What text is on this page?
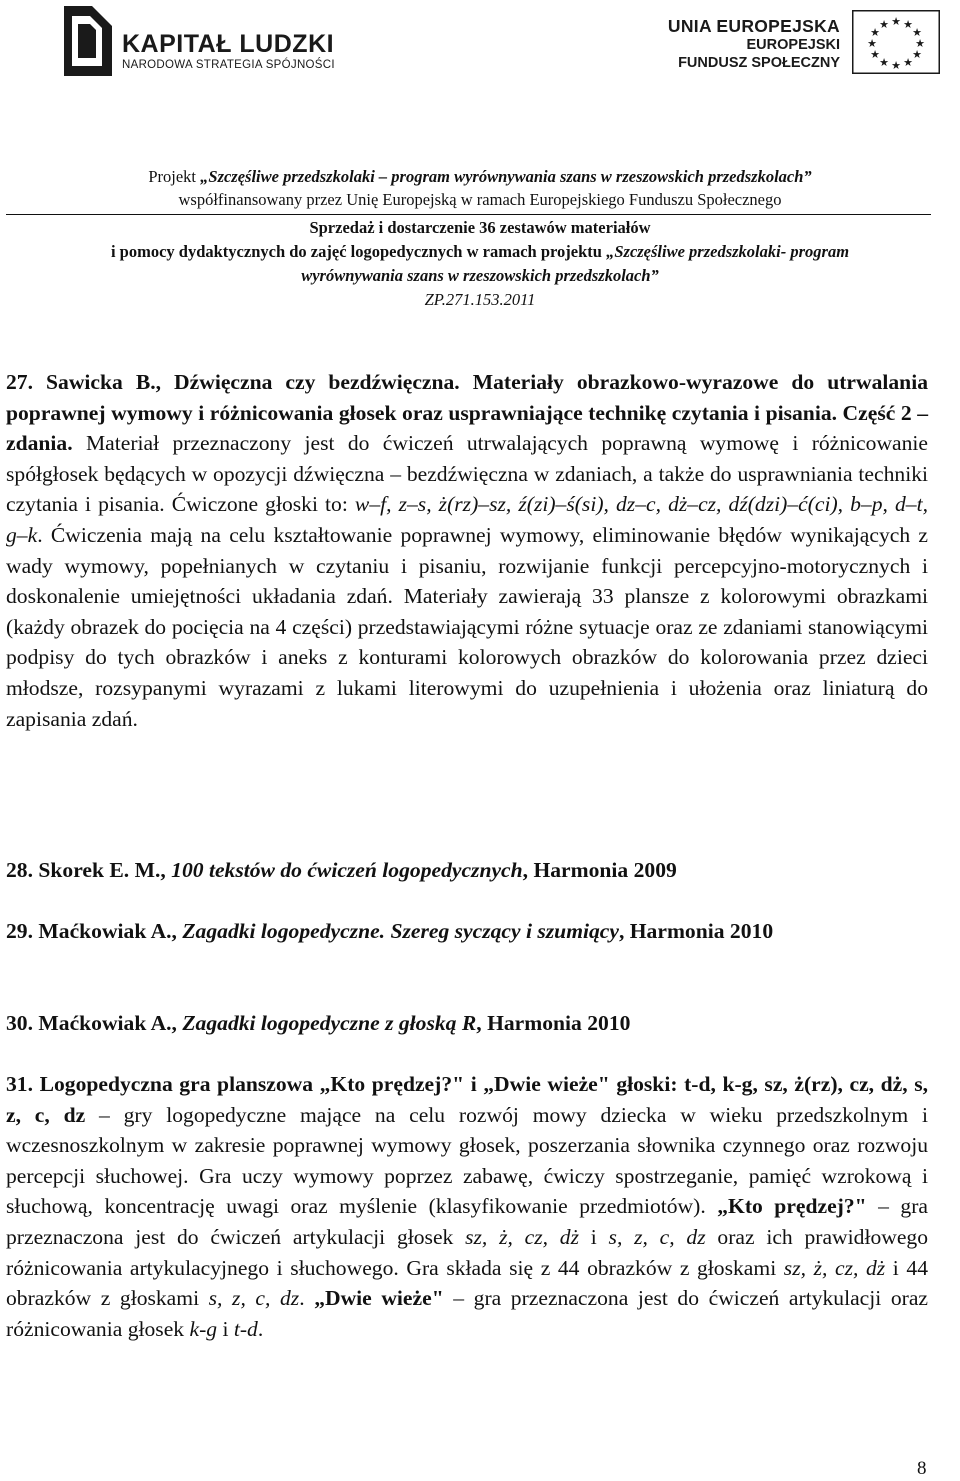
KAPITAŁ LUDZKI
NARODOWA STRATEGIA SPÓJNOŚCI
UNIA EUROPEJSKA
EUROPEJSKI
FUNDUSZ SPOŁECZNY
★ ★
★
★
★
★
★
★
★
★
★
★
Projekt „Szczęśliwe przedszkolaki – program wyrównywania szans w rzeszowskich przedszkolach”
współfinansowany przez Unię Europejską w ramach Europejskiego Funduszu Społecznego
Sprzedaż i dostarczenie 36 zestawów materiałów
i pomocy dydaktycznych do zajęć logopedycznych w ramach projektu „Szczęśliwe przedszkolaki- program
wyrównywania szans w rzeszowskich przedszkolach”
ZP.271.153.2011

27. Sawicka B., Dźwięczna czy bezdźwięczna. Materiały obrazkowo-wyrazowe do utrwalania poprawnej wymowy i różnicowania głosek oraz usprawniające technikę czytania i pisania. Część 2 – zdania. Materiał przeznaczony jest do ćwiczeń utrwalających poprawną wymowę i różnicowanie spółgłosek będących w opozycji dźwięczna – bezdźwięczna w zdaniach, a także do usprawniania techniki czytania i pisania. Ćwiczone głoski to: w–f, z–s, ż(rz)–sz, ź(zi)–ś(si), dz–c, dż–cz, dź(dzi)–ć(ci), b–p, d–t, g–k. Ćwiczenia mają na celu kształtowanie poprawnej wymowy, eliminowanie błędów wynikających z wady wymowy, popełnianych w czytaniu i pisaniu, rozwijanie funkcji percepcyjno-motorycznych i doskonalenie umiejętności układania zdań. Materiały zawierają 33 plansze z kolorowymi obrazkami (każdy obrazek do pocięcia na 4 części) przedstawiającymi różne sytuacje oraz ze zdaniami stanowiącymi podpisy do tych obrazków i aneks z konturami kolorowych obrazków do kolorowania przez dzieci młodsze, rozsypanymi wyrazami z lukami literowymi do uzupełnienia i ułożenia oraz liniaturą do zapisania zdań.

28. Skorek E. M., 100 tekstów do ćwiczeń logopedycznych, Harmonia 2009

29. Maćkowiak A., Zagadki logopedyczne. Szereg syczący i szumiący, Harmonia 2010

30. Maćkowiak A., Zagadki logopedyczne z głoską R, Harmonia 2010

31. Logopedyczna gra planszowa „Kto prędzej?" i „Dwie wieże" głoski: t-d, k-g, sz, ż(rz), cz, dż, s, z, c, dz – gry logopedyczne mające na celu rozwój mowy dziecka w wieku przedszkolnym i wczesnoszkolnym w zakresie poprawnej wymowy głosek, poszerzania słownika czynnego oraz rozwoju percepcji słuchowej. Gra uczy wymowy poprzez zabawę, ćwiczy spostrzeganie, pamięć wzrokową i słuchową, koncentrację uwagi oraz myślenie (klasyfikowanie przedmiotów). „Kto prędzej?" – gra przeznaczona jest do ćwiczeń artykulacji głosek sz, ż, cz, dż i s, z, c, dz oraz ich prawidłowego różnicowania artykulacyjnego i słuchowego. Gra składa się z 44 obrazków z głoskami sz, ż, cz, dż i 44 obrazków z głoskami s, z, c, dz. „Dwie wieże" – gra przeznaczona jest do ćwiczeń artykulacji oraz różnicowania głosek k-g i t-d.

8
